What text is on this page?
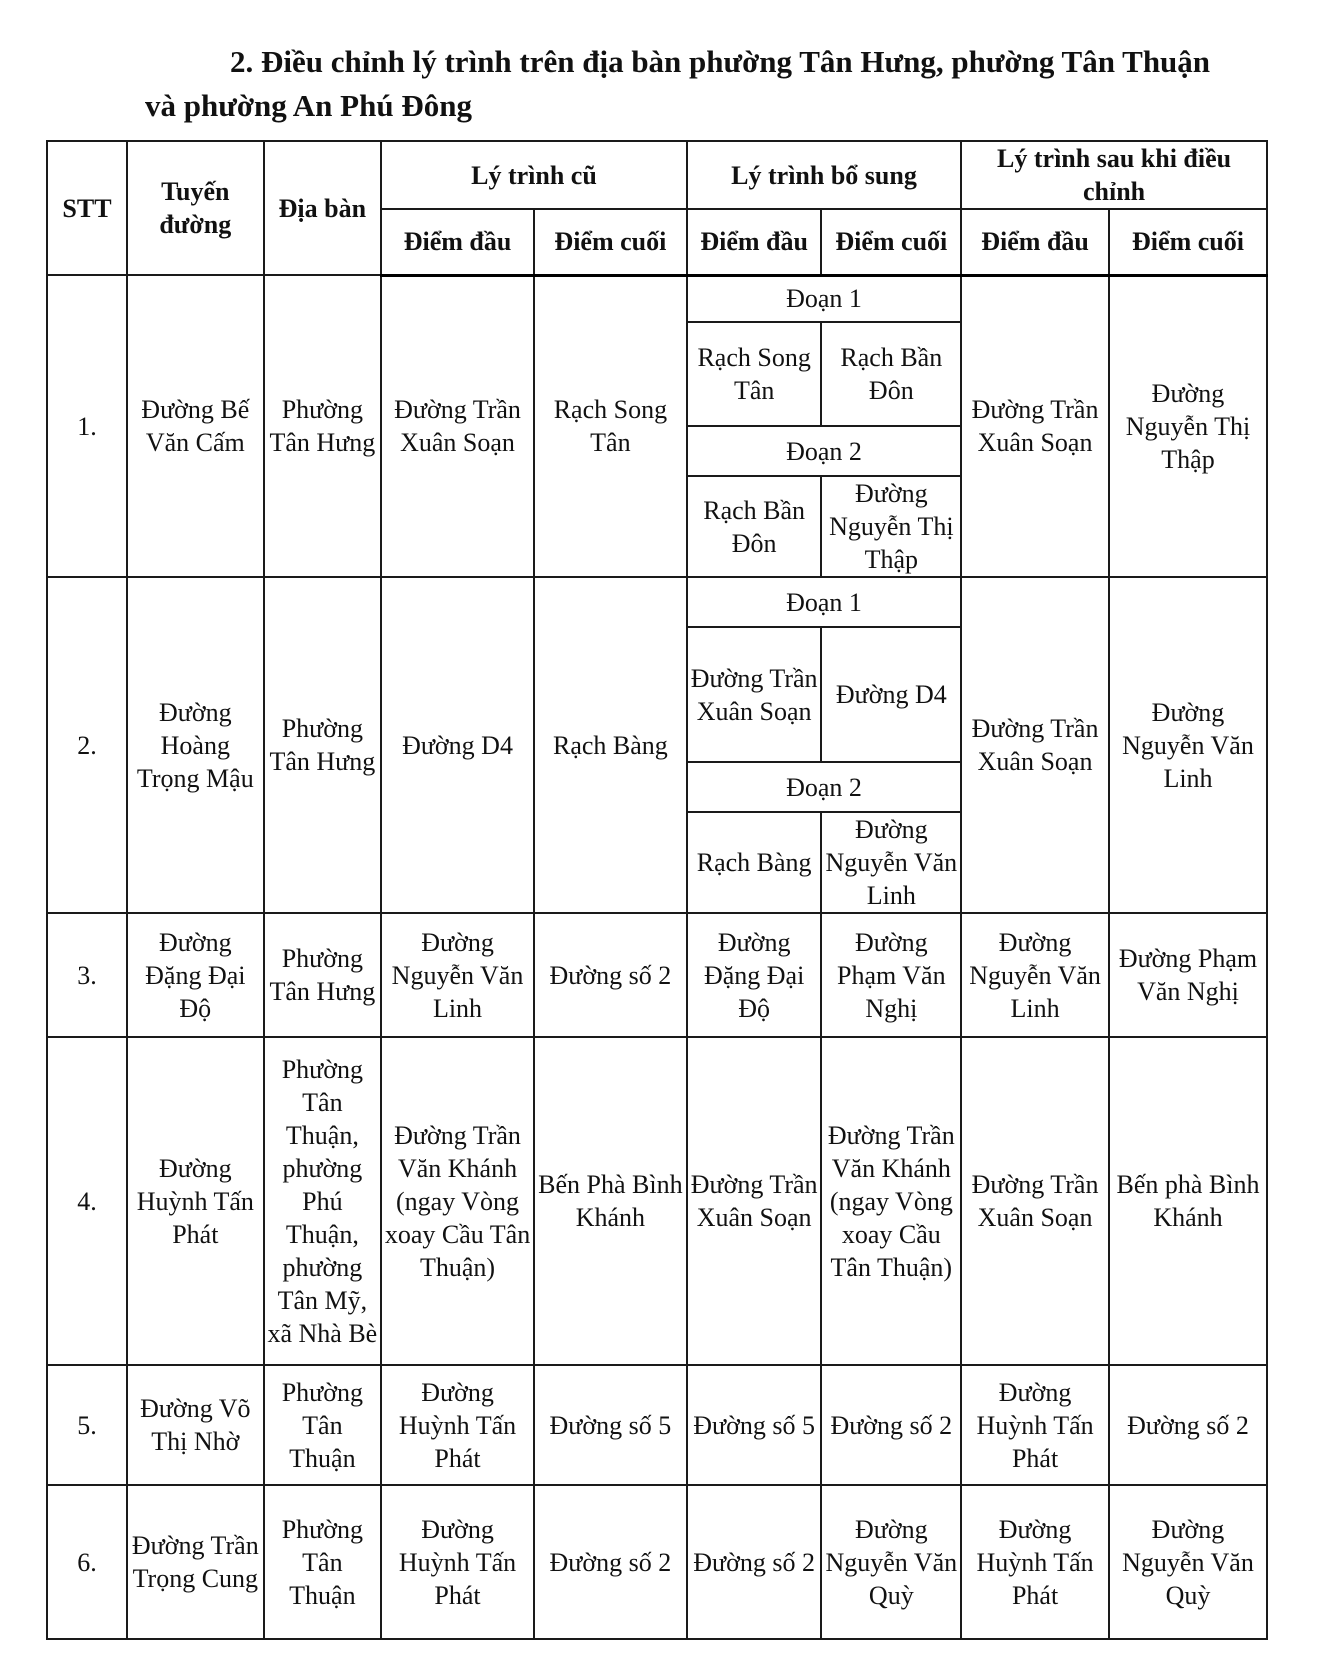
2. Điều chỉnh lý trình trên địa bàn phường Tân Hưng, phường Tân Thuận
và phường An Phú Đông
STT	Tuyến đường	Địa bàn	Lý trình cũ		Lý trình bổ sung		Lý trình sau khi điều chỉnh	
			Điểm đầu	Điểm cuối	Điểm đầu	Điểm cuối	Điểm đầu	Điểm cuối
1.	Đường Bế Văn Cấm	Phường Tân Hưng	Đường Trần Xuân Soạn	Rạch Song Tân	Đoạn 1		Đường Trần Xuân Soạn	Đường Nguyễn Thị Thập
					Rạch Song Tân	Rạch Bần Đôn		
					Đoạn 2			
					Rạch Bần Đôn	Đường Nguyễn Thị Thập		
2.	Đường Hoàng Trọng Mậu	Phường Tân Hưng	Đường D4	Rạch Bàng	Đoạn 1		Đường Trần Xuân Soạn	Đường Nguyễn Văn Linh
					Đường Trần Xuân Soạn	Đường D4		
					Đoạn 2			
					Rạch Bàng	Đường Nguyễn Văn Linh		
3.	Đường Đặng Đại Độ	Phường Tân Hưng	Đường Nguyễn Văn Linh	Đường số 2	Đường Đặng Đại Độ	Đường Phạm Văn Nghị	Đường Nguyễn Văn Linh	Đường Phạm Văn Nghị
4.	Đường Huỳnh Tấn Phát	Phường Tân Thuận, phường Phú Thuận, phường Tân Mỹ, xã Nhà Bè	Đường Trần Văn Khánh (ngay Vòng xoay Cầu Tân Thuận)	Bến Phà Bình Khánh	Đường Trần Xuân Soạn	Đường Trần Văn Khánh (ngay Vòng xoay Cầu Tân Thuận)	Đường Trần Xuân Soạn	Bến phà Bình Khánh
5.	Đường Võ Thị Nhờ	Phường Tân Thuận	Đường Huỳnh Tấn Phát	Đường số 5	Đường số 5	Đường số 2	Đường Huỳnh Tấn Phát	Đường số 2
6.	Đường Trần Trọng Cung	Phường Tân Thuận	Đường Huỳnh Tấn Phát	Đường số 2	Đường số 2	Đường Nguyễn Văn Quỳ	Đường Huỳnh Tấn Phát	Đường Nguyễn Văn Quỳ
